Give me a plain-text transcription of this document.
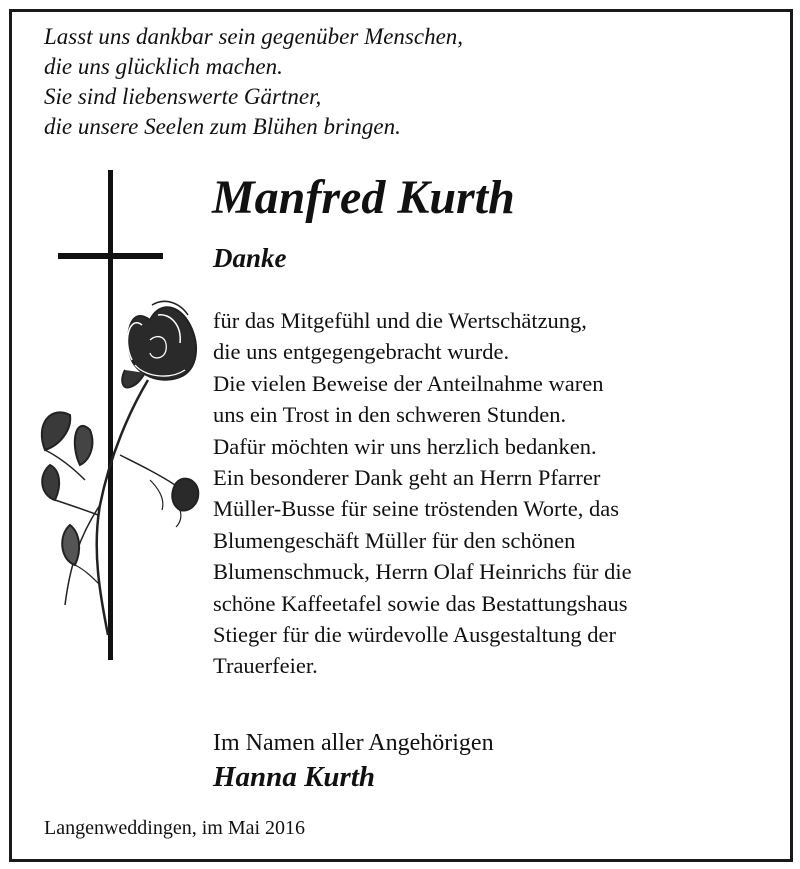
Lasst uns dankbar sein gegenüber Menschen,
die uns glücklich machen.
Sie sind liebenswerte Gärtner,
die unsere Seelen zum Blühen bringen.
Manfred Kurth
Danke
für das Mitgefühl und die Wertschätzung,
die uns entgegengebracht wurde.
Die vielen Beweise der Anteilnahme waren
uns ein Trost in den schweren Stunden.
Dafür möchten wir uns herzlich bedanken.
Ein besonderer Dank geht an Herrn Pfarrer
Müller-Busse für seine tröstenden Worte, das
Blumengeschäft Müller für den schönen
Blumenschmuck, Herrn Olaf Heinrichs für die
schöne Kaffeetafel sowie das Bestattungshaus
Stieger für die würdevolle Ausgestaltung der
Trauerfeier.
Im Namen aller Angehörigen
Hanna Kurth
Langenweddingen, im Mai 2016
